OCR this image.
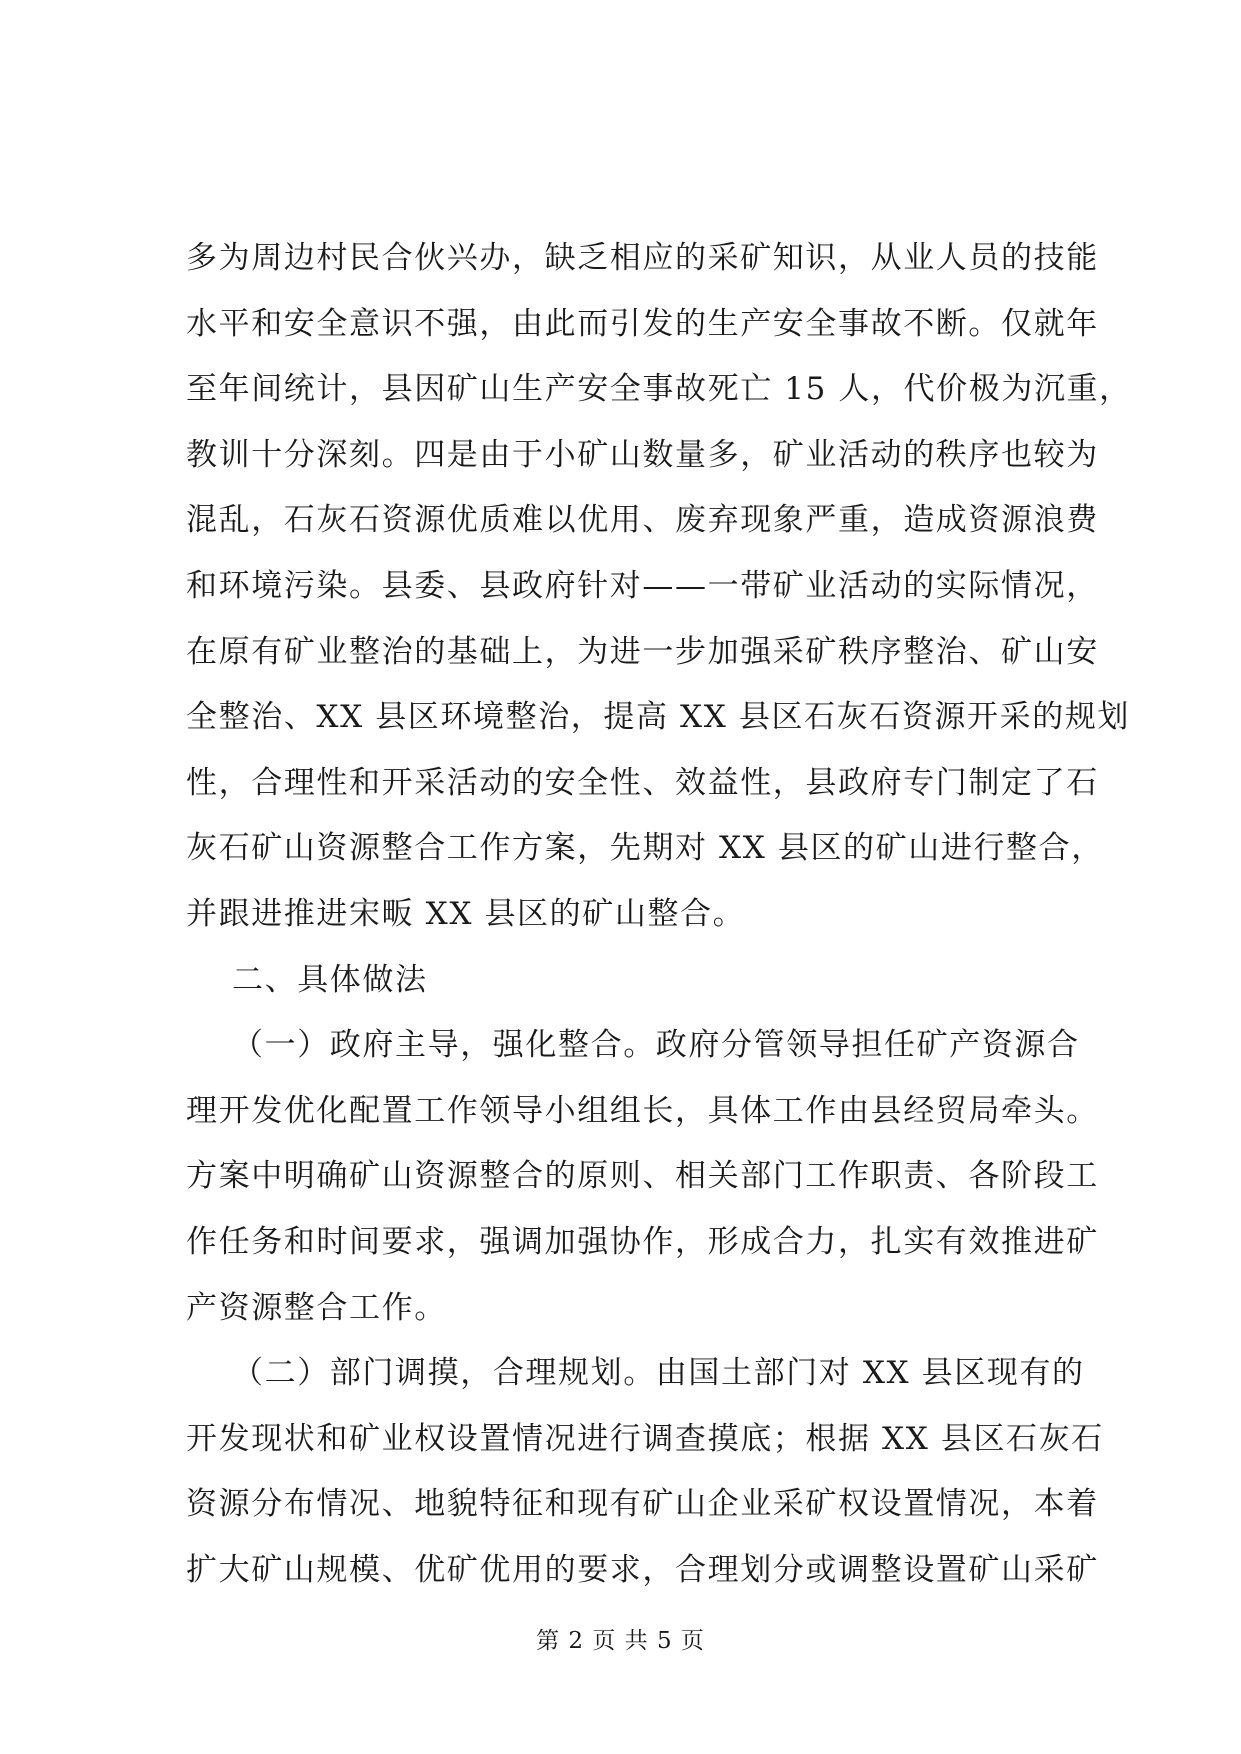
多为周边村民合伙兴办，缺乏相应的采矿知识，从业人员的技能
水平和安全意识不强，由此而引发的生产安全事故不断。仅就年
至年间统计，县因矿山生产安全事故死亡 15 人，代价极为沉重，
教训十分深刻。四是由于小矿山数量多，矿业活动的秩序也较为
混乱，石灰石资源优质难以优用、废弃现象严重，造成资源浪费
和环境污染。县委、县政府针对——一带矿业活动的实际情况，
在原有矿业整治的基础上，为进一步加强采矿秩序整治、矿山安
全整治、XX 县区环境整治，提高 XX 县区石灰石资源开采的规划
性，合理性和开采活动的安全性、效益性，县政府专门制定了石
灰石矿山资源整合工作方案，先期对 XX 县区的矿山进行整合，
并跟进推进宋畈 XX 县区的矿山整合。
二、具体做法
（一）政府主导，强化整合。政府分管领导担任矿产资源合
理开发优化配置工作领导小组组长，具体工作由县经贸局牵头。
方案中明确矿山资源整合的原则、相关部门工作职责、各阶段工
作任务和时间要求，强调加强协作，形成合力，扎实有效推进矿
产资源整合工作。
（二）部门调摸，合理规划。由国土部门对 XX 县区现有的
开发现状和矿业权设置情况进行调查摸底；根据 XX 县区石灰石
资源分布情况、地貌特征和现有矿山企业采矿权设置情况，本着
扩大矿山规模、优矿优用的要求，合理划分或调整设置矿山采矿
第 2 页 共 5 页
